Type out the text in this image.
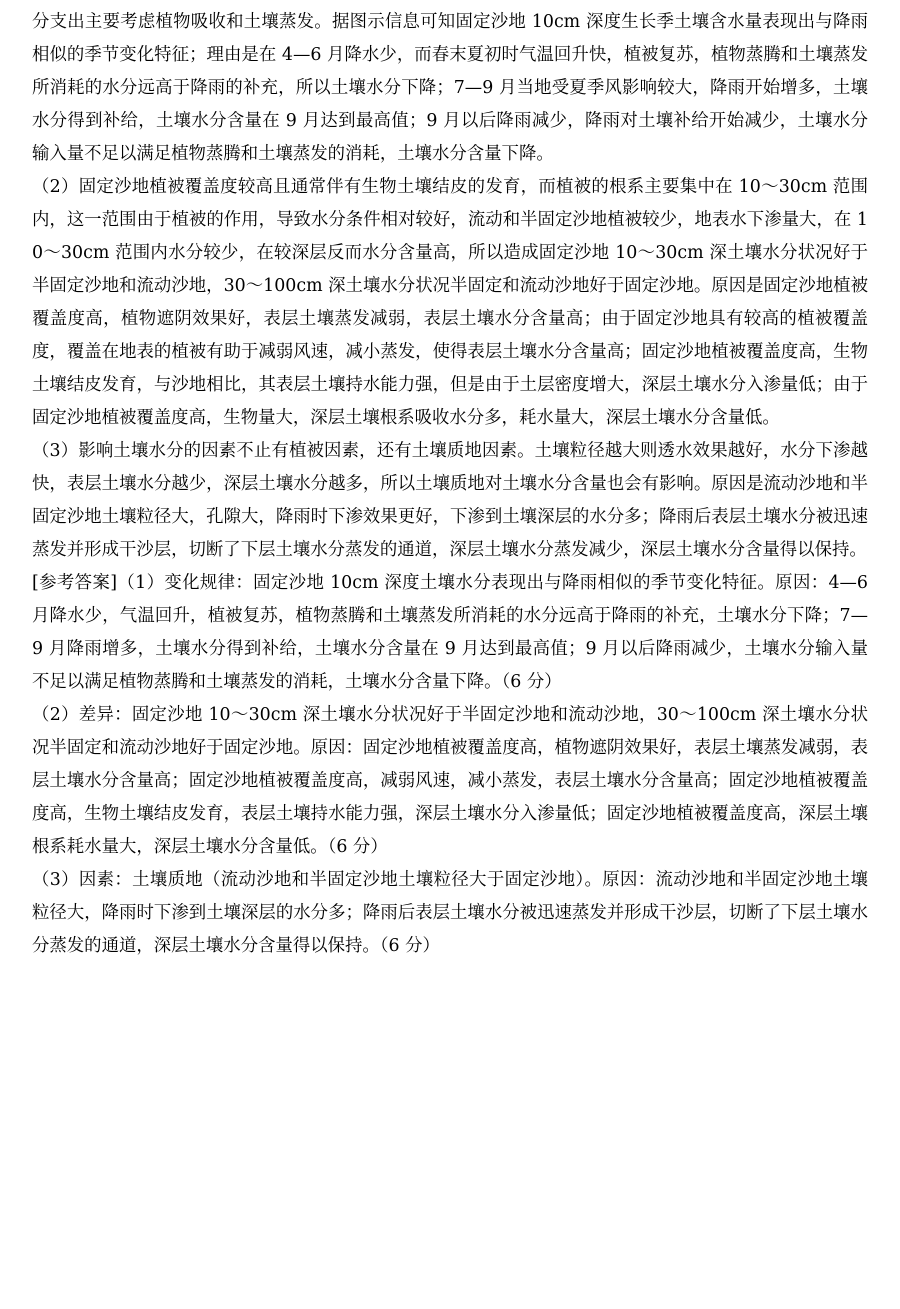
分支出主要考虑植物吸收和土壤蒸发。据图示信息可知固定沙地 10cm 深度生长季土壤含水量表现出与降雨相似的季节变化特征；理由是在 4—6 月降水少，而春末夏初时气温回升快，植被复苏，植物蒸腾和土壤蒸发所消耗的水分远高于降雨的补充，所以土壤水分下降；7—9 月当地受夏季风影响较大，降雨开始增多，土壤水分得到补给，土壤水分含量在 9 月达到最高值；9 月以后降雨减少，降雨对土壤补给开始减少，土壤水分输入量不足以满足植物蒸腾和土壤蒸发的消耗，土壤水分含量下降。

（2）固定沙地植被覆盖度较高且通常伴有生物土壤结皮的发育，而植被的根系主要集中在 10～30cm 范围内，这一范围由于植被的作用，导致水分条件相对较好，流动和半固定沙地植被较少，地表水下渗量大，在 10～30cm 范围内水分较少，在较深层反而水分含量高，所以造成固定沙地 10～30cm 深土壤水分状况好于半固定沙地和流动沙地，30～100cm 深土壤水分状况半固定和流动沙地好于固定沙地。原因是固定沙地植被覆盖度高，植物遮阴效果好，表层土壤蒸发减弱，表层土壤水分含量高；由于固定沙地具有较高的植被覆盖度，覆盖在地表的植被有助于减弱风速，减小蒸发，使得表层土壤水分含量高；固定沙地植被覆盖度高，生物土壤结皮发育，与沙地相比，其表层土壤持水能力强，但是由于土层密度增大，深层土壤水分入渗量低；由于固定沙地植被覆盖度高，生物量大，深层土壤根系吸收水分多，耗水量大，深层土壤水分含量低。

（3）影响土壤水分的因素不止有植被因素，还有土壤质地因素。土壤粒径越大则透水效果越好，水分下渗越快，表层土壤水分越少，深层土壤水分越多，所以土壤质地对土壤水分含量也会有影响。原因是流动沙地和半固定沙地土壤粒径大，孔隙大，降雨时下渗效果更好，下渗到土壤深层的水分多；降雨后表层土壤水分被迅速蒸发并形成干沙层，切断了下层土壤水分蒸发的通道，深层土壤水分蒸发减少，深层土壤水分含量得以保持。

[参考答案]（1）变化规律：固定沙地 10cm 深度土壤水分表现出与降雨相似的季节变化特征。原因：4—6 月降水少，气温回升，植被复苏，植物蒸腾和土壤蒸发所消耗的水分远高于降雨的补充，土壤水分下降；7—9 月降雨增多，土壤水分得到补给，土壤水分含量在 9 月达到最高值；9 月以后降雨减少，土壤水分输入量不足以满足植物蒸腾和土壤蒸发的消耗，土壤水分含量下降。（6 分）

（2）差异：固定沙地 10～30cm 深土壤水分状况好于半固定沙地和流动沙地，30～100cm 深土壤水分状况半固定和流动沙地好于固定沙地。原因：固定沙地植被覆盖度高，植物遮阴效果好，表层土壤蒸发减弱，表层土壤水分含量高；固定沙地植被覆盖度高，减弱风速，减小蒸发，表层土壤水分含量高；固定沙地植被覆盖度高，生物土壤结皮发育，表层土壤持水能力强，深层土壤水分入渗量低；固定沙地植被覆盖度高，深层土壤根系耗水量大，深层土壤水分含量低。（6 分）

（3）因素：土壤质地（流动沙地和半固定沙地土壤粒径大于固定沙地）。原因：流动沙地和半固定沙地土壤粒径大，降雨时下渗到土壤深层的水分多；降雨后表层土壤水分被迅速蒸发并形成干沙层，切断了下层土壤水分蒸发的通道，深层土壤水分含量得以保持。（6 分）
